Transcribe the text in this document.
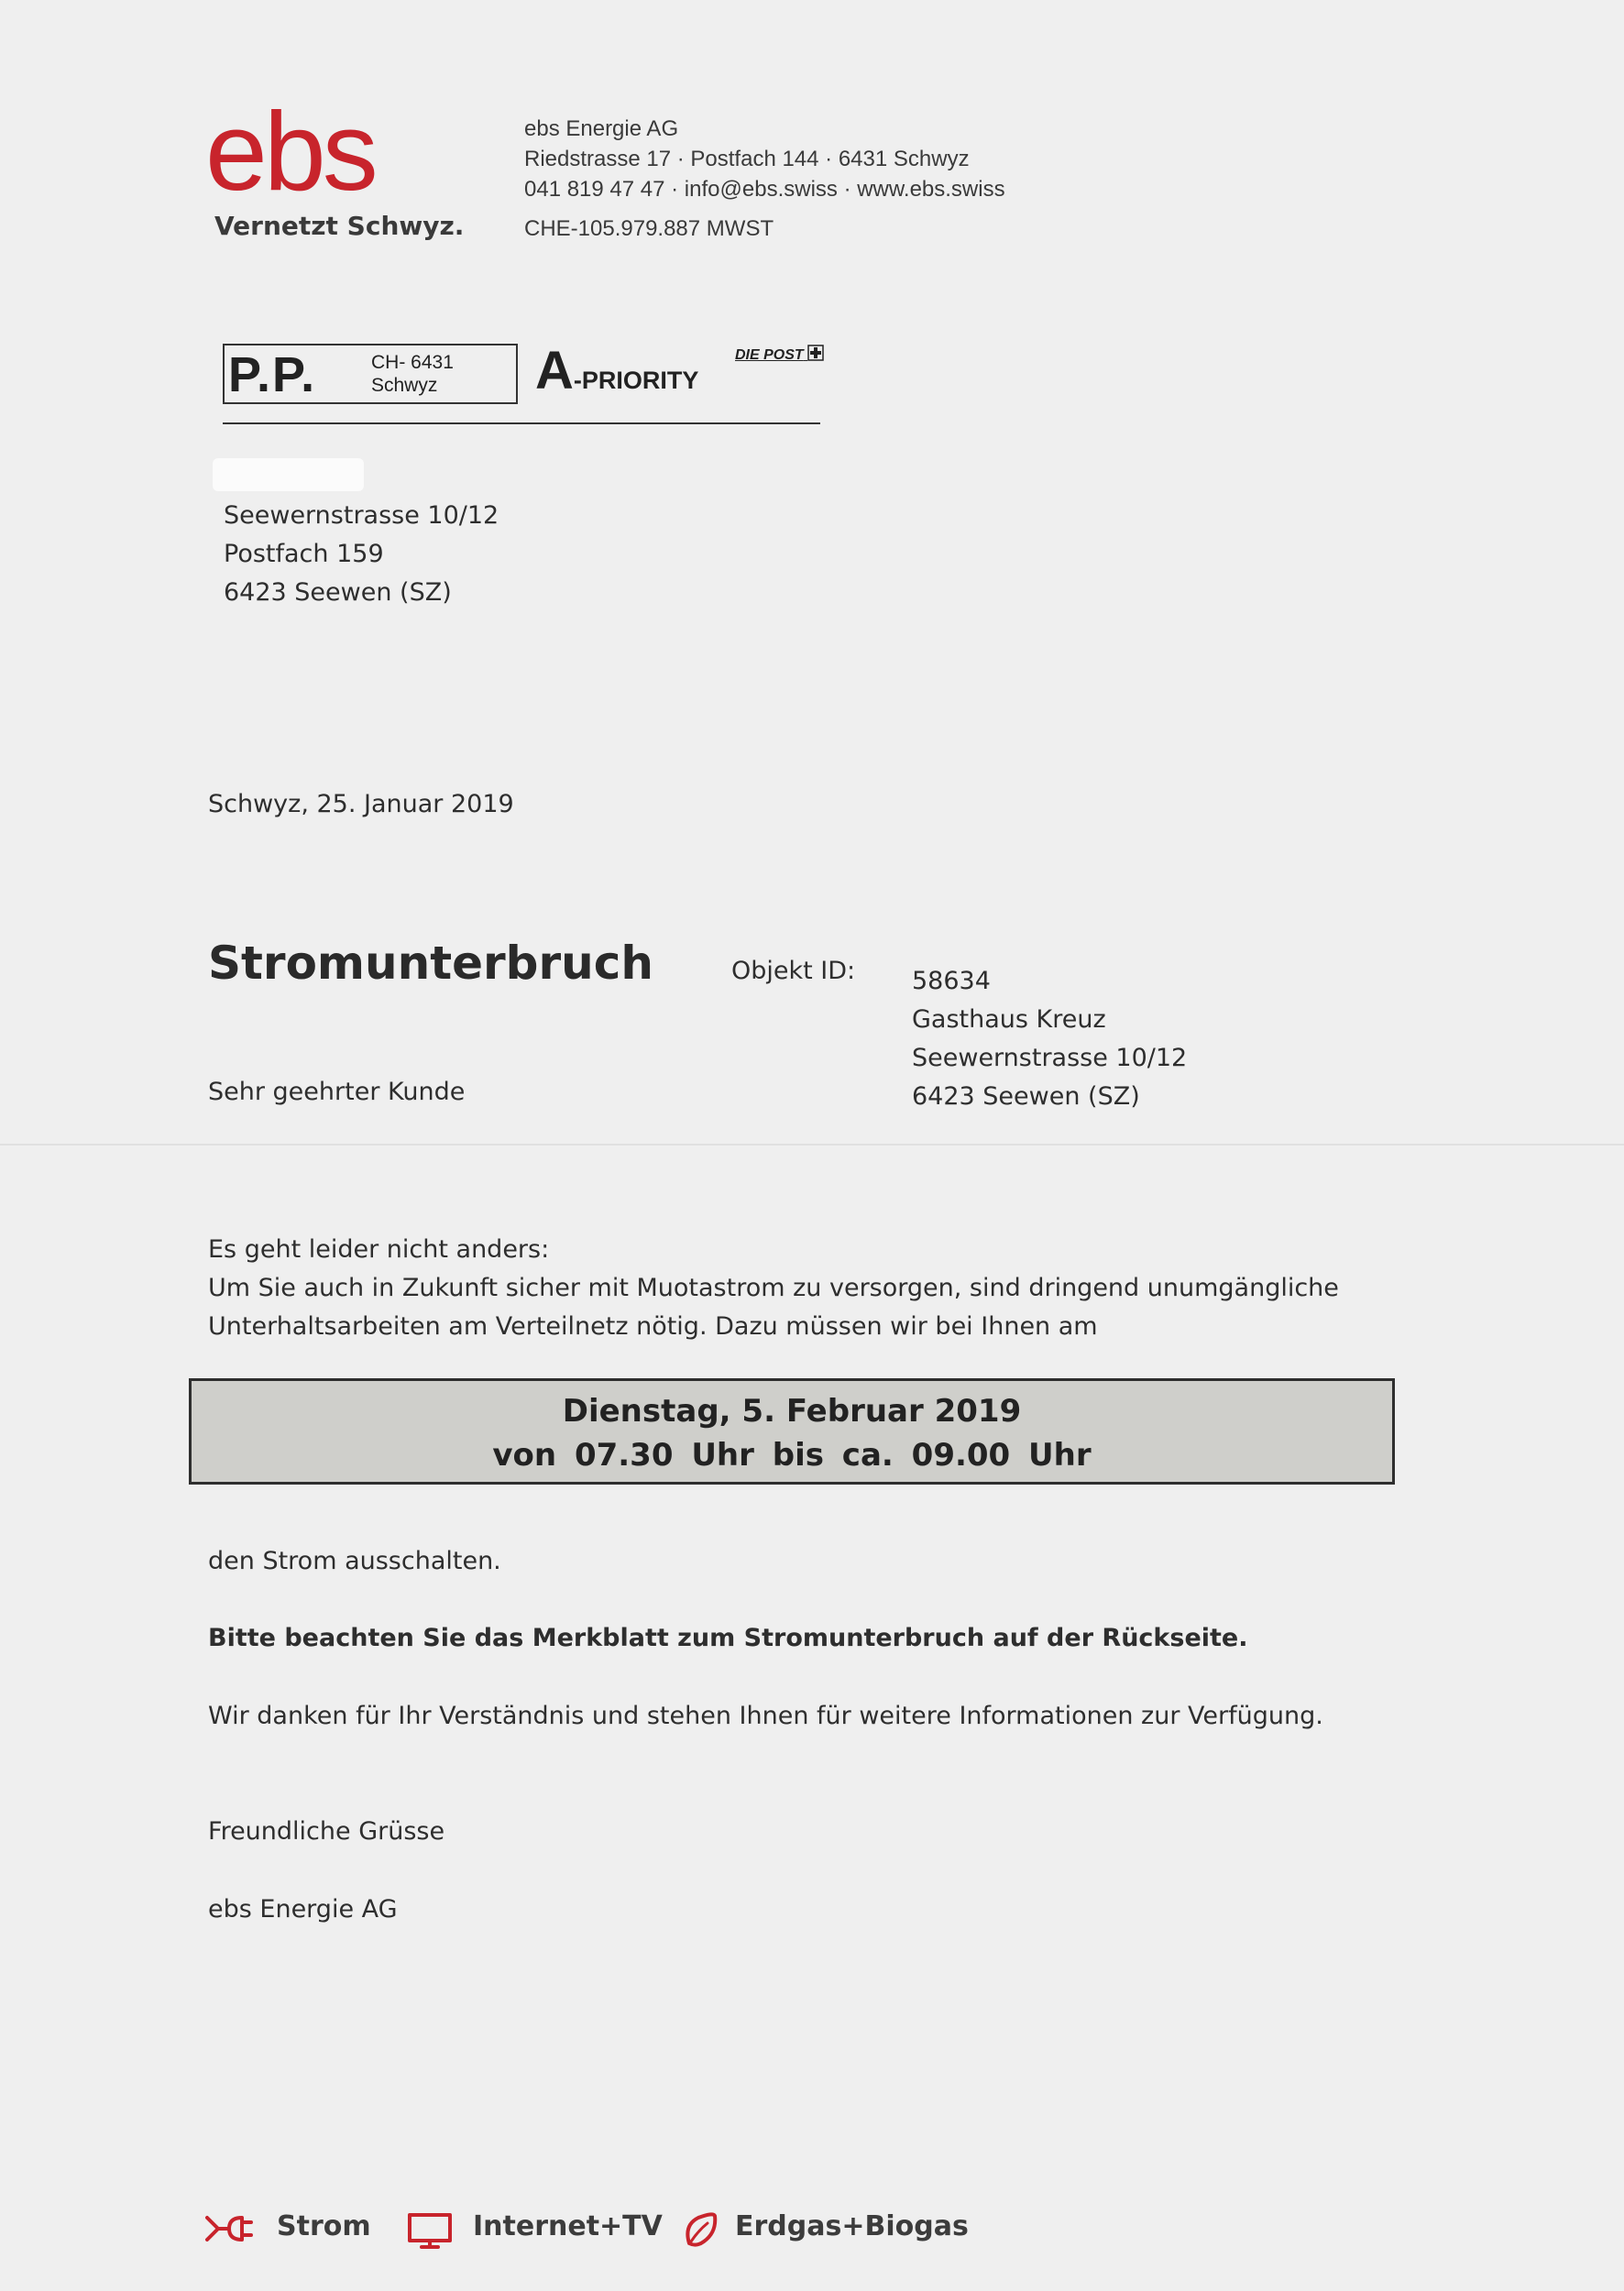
ebs
Vernetzt Schwyz.
ebs Energie AG
Riedstrasse 17 · Postfach 144 · 6431 Schwyz
041 819 47 47 · info@ebs.swiss · www.ebs.swiss
CHE-105.979.887 MWST
P.P.	CH- 6431
Schwyz	A-PRIORITY
DIE POST
Seewernstrasse 10/12
Postfach 159
6423 Seewen (SZ)
Schwyz, 25. Januar 2019
Stromunterbruch	Objekt ID: 58634
Gasthaus Kreuz
Seewernstrasse 10/12
6423 Seewen (SZ)
Sehr geehrter Kunde
Es geht leider nicht anders:
Um Sie auch in Zukunft sicher mit Muotastrom zu versorgen, sind dringend unumgängliche
Unterhaltsarbeiten am Verteilnetz nötig. Dazu müssen wir bei Ihnen am
Dienstag, 5. Februar 2019
von 07.30 Uhr bis ca. 09.00 Uhr
den Strom ausschalten.
Bitte beachten Sie das Merkblatt zum Stromunterbruch auf der Rückseite.
Wir danken für Ihr Verständnis und stehen Ihnen für weitere Informationen zur Verfügung.
Freundliche Grüsse
ebs Energie AG
Strom	Internet+TV	Erdgas+Biogas
